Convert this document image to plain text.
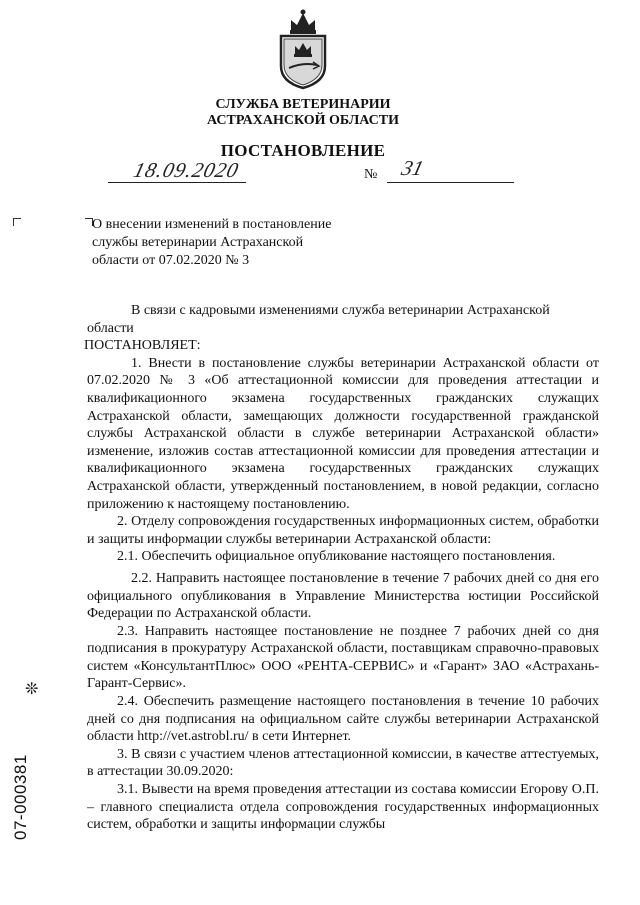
СЛУЖБА ВЕТЕРИНАРИИ
АСТРАХАНСКОЙ ОБЛАСТИ
ПОСТАНОВЛЕНИЕ
18.09.2020	№ 31
О внесении изменений в постановление
службы ветеринарии Астраханской
области от 07.02.2020 № 3

В связи с кадровыми изменениями служба ветеринарии Астраханской

области

ПОСТАНОВЛЯЕТ:

1. Внести в постановление службы ветеринарии Астраханской области от 07.02.2020 № 3 «Об аттестационной комиссии для проведения аттестации и квалификационного экзамена государственных гражданских служащих Астраханской области, замещающих должности государственной гражданской службы Астраханской области в службе ветеринарии Астраханской области» изменение, изложив состав аттестационной комиссии для проведения аттестации и квалификационного экзамена государственных гражданских служащих Астраханской области, утвержденный постановлением, в новой редакции, согласно приложению к настоящему постановлению.

2. Отделу сопровождения государственных информационных систем, обработки и защиты информации службы ветеринарии Астраханской области:

2.1. Обеспечить официальное опубликование настоящего постановления.

2.2. Направить настоящее постановление в течение 7 рабочих дней со дня его официального опубликования в Управление Министерства юстиции Российской Федерации по Астраханской области.

2.3. Направить настоящее постановление не позднее 7 рабочих дней со дня подписания в прокуратуру Астраханской области, поставщикам справочно-правовых систем «КонсультантПлюс» ООО «РЕНТА-СЕРВИС» и «Гарант» ЗАО «Астрахань-Гарант-Сервис».

2.4. Обеспечить размещение настоящего постановления в течение 10 рабочих дней со дня подписания на официальном сайте службы ветеринарии Астраханской области http://vet.astrobl.ru/ в сети Интернет.

3. В связи с участием членов аттестационной комиссии, в качестве аттестуемых, в аттестации 30.09.2020:

3.1. Вывести на время проведения аттестации из состава комиссии Егорову О.П. – главного специалиста отдела сопровождения государственных информационных систем, обработки и защиты информации службы

❊
07-000381
